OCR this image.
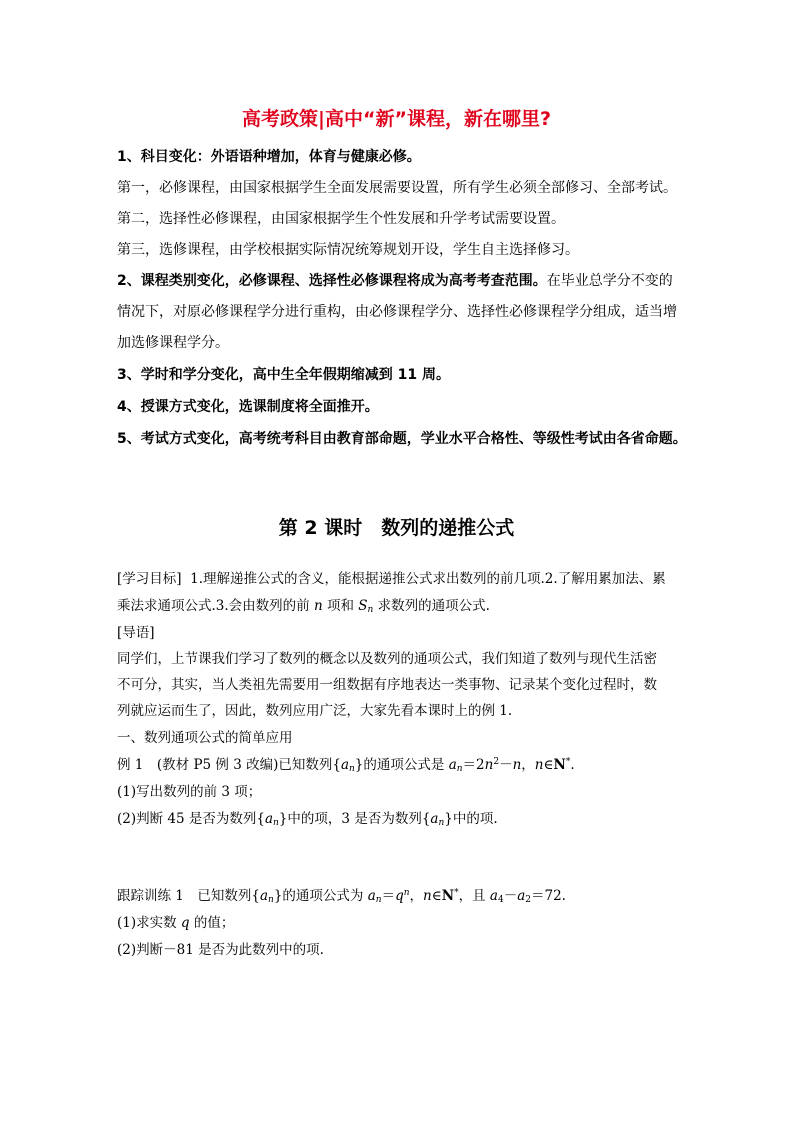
高考政策|高中“新”课程，新在哪里?
1、科目变化：外语语种增加，体育与健康必修。
第一，必修课程，由国家根据学生全面发展需要设置，所有学生必须全部修习、全部考试。
第二，选择性必修课程，由国家根据学生个性发展和升学考试需要设置。
第三，选修课程，由学校根据实际情况统筹规划开设，学生自主选择修习。
2、课程类别变化，必修课程、选择性必修课程将成为高考考查范围。在毕业总学分不变的
情况下，对原必修课程学分进行重构，由必修课程学分、选择性必修课程学分组成，适当增
加选修课程学分。
3、学时和学分变化，高中生全年假期缩减到 11 周。
4、授课方式变化，选课制度将全面推开。
5、考试方式变化，高考统考科目由教育部命题，学业水平合格性、等级性考试由各省命题。
第 2 课时　数列的递推公式
[学习目标] 1.理解递推公式的含义，能根据递推公式求出数列的前几项.2.了解用累加法、累
乘法求通项公式.3.会由数列的前 n 项和 $S_n$ 求数列的通项公式.
[导语]
同学们，上节课我们学习了数列的概念以及数列的通项公式，我们知道了数列与现代生活密
不可分，其实，当人类祖先需要用一组数据有序地表达一类事物、记录某个变化过程时，数
列就应运而生了，因此，数列应用广泛，大家先看本课时上的例 1.
一、数列通项公式的简单应用
例 1　(教材 P5 例 3 改编)已知数列$\{a_n\}$的通项公式是 $a_n=2n^2-n$，n∈N*.
(1)写出数列的前 3 项；
(2)判断 45 是否为数列$\{a_n\}$中的项，3 是否为数列$\{a_n\}$中的项.
跟踪训练 1　已知数列$\{a_n\}$的通项公式为 $a_n=q^n$，n∈N*，且 $a_4-a_2=72$.
(1)求实数 q 的值；
(2)判断－81 是否为此数列中的项.
